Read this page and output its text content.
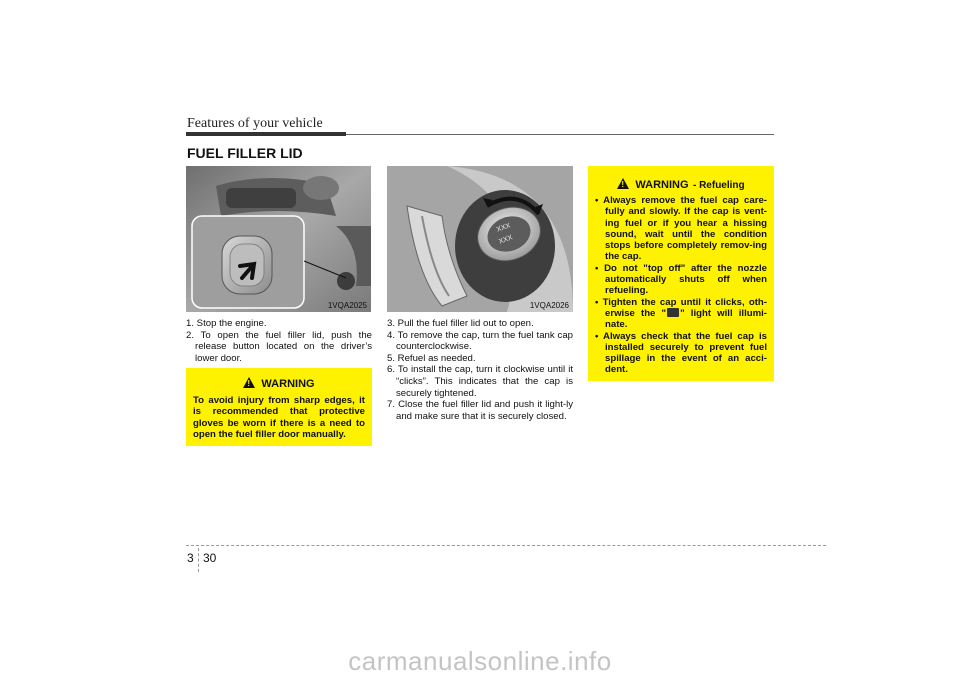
Features of your vehicle
FUEL FILLER LID
1VQA2025
XXX
XXX
1VQA2026

1. Stop the engine.

2. To open the fuel filler lid, push the release button located on the driver’s lower door.

!WARNING
To avoid injury from sharp edges, it is recommended that protective gloves be worn if there is a need to open the fuel filler door manually.

3. Pull the fuel filler lid out to open.

4. To remove the cap, turn the fuel tank cap counterclockwise.

5. Refuel as needed.

6. To install the cap, turn it clockwise until it “clicks”. This indicates that the cap is securely tightened.

7. Close the fuel filler lid and push it light-ly and make sure that it is securely closed.

!WARNING - Refueling

• Always remove the fuel cap care-fully and slowly. If the cap is vent-ing fuel or if you hear a hissing sound, wait until the condition stops before completely remov-ing the cap.

• Do not "top off" after the nozzle automatically shuts off when refueling.

• Tighten the cap until it clicks, oth-erwise the " " light will illumi-nate.

• Always check that the fuel cap is installed securely to prevent fuel spillage in the event of an acci-dent.

3 30
carmanualsonline.info
